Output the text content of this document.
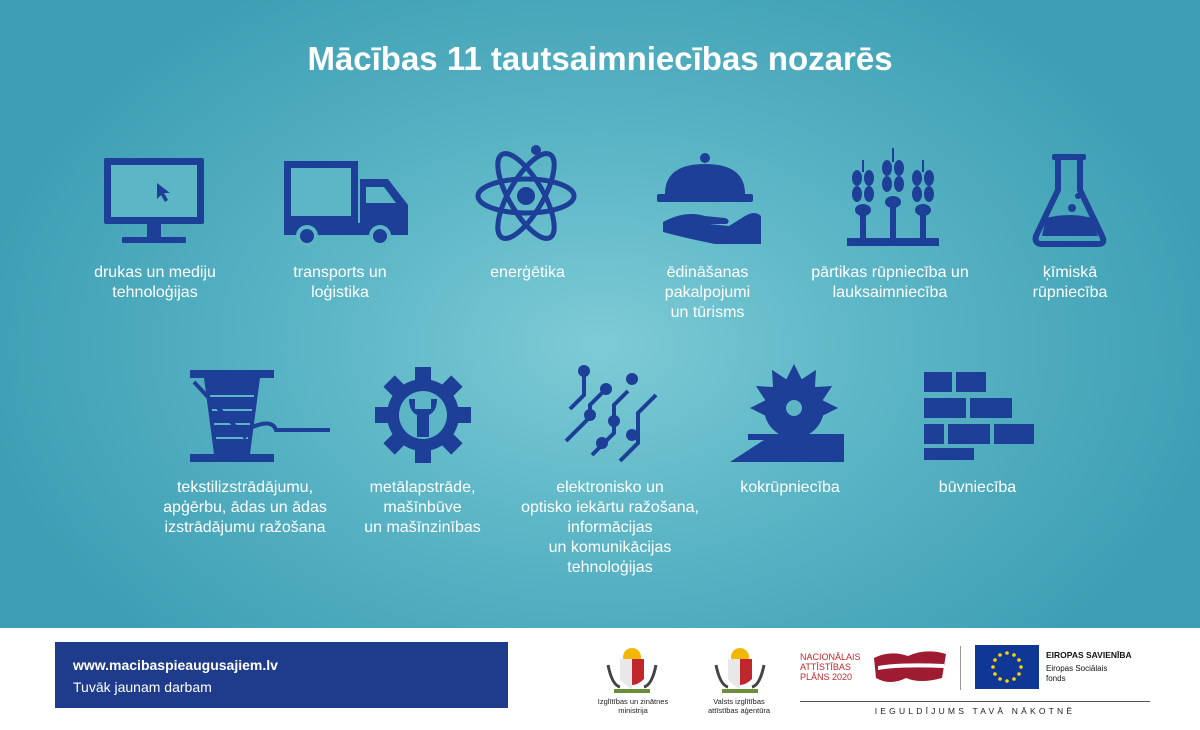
Mācības 11 tautsaimniecības nozarēs
drukas un mediju
tehnoloģijas
transports un
loģistika
enerģētika	ēdināšanas
pakalpojumi
un tūrisms
pārtikas rūpniecība un
lauksaimniecība
ķīmiskā
rūpniecība
tekstilizstrādājumu,
apģērbu, ādas un ādas
izstrādājumu ražošana
metālapstrāde,
mašīnbūve
un mašīnzinības
elektronisko un
optisko iekārtu ražošana,
informācijas
un komunikācijas
tehnoloģijas
kokrūpniecība	būvniecība
www.macibaspieaugusajiem.lv
Tuvāk jaunam darbam
Izglītības un zinātnes
ministrija
Valsts izglītības
attīstības aģentūra
NACIONĀLAIS
ATTĪSTĪBAS
PLĀNS 2020
EIROPAS SAVIENĪBA
Eiropas Sociālais
fonds
IEGULDĪJUMS TAVĀ NĀKOTNĒ
